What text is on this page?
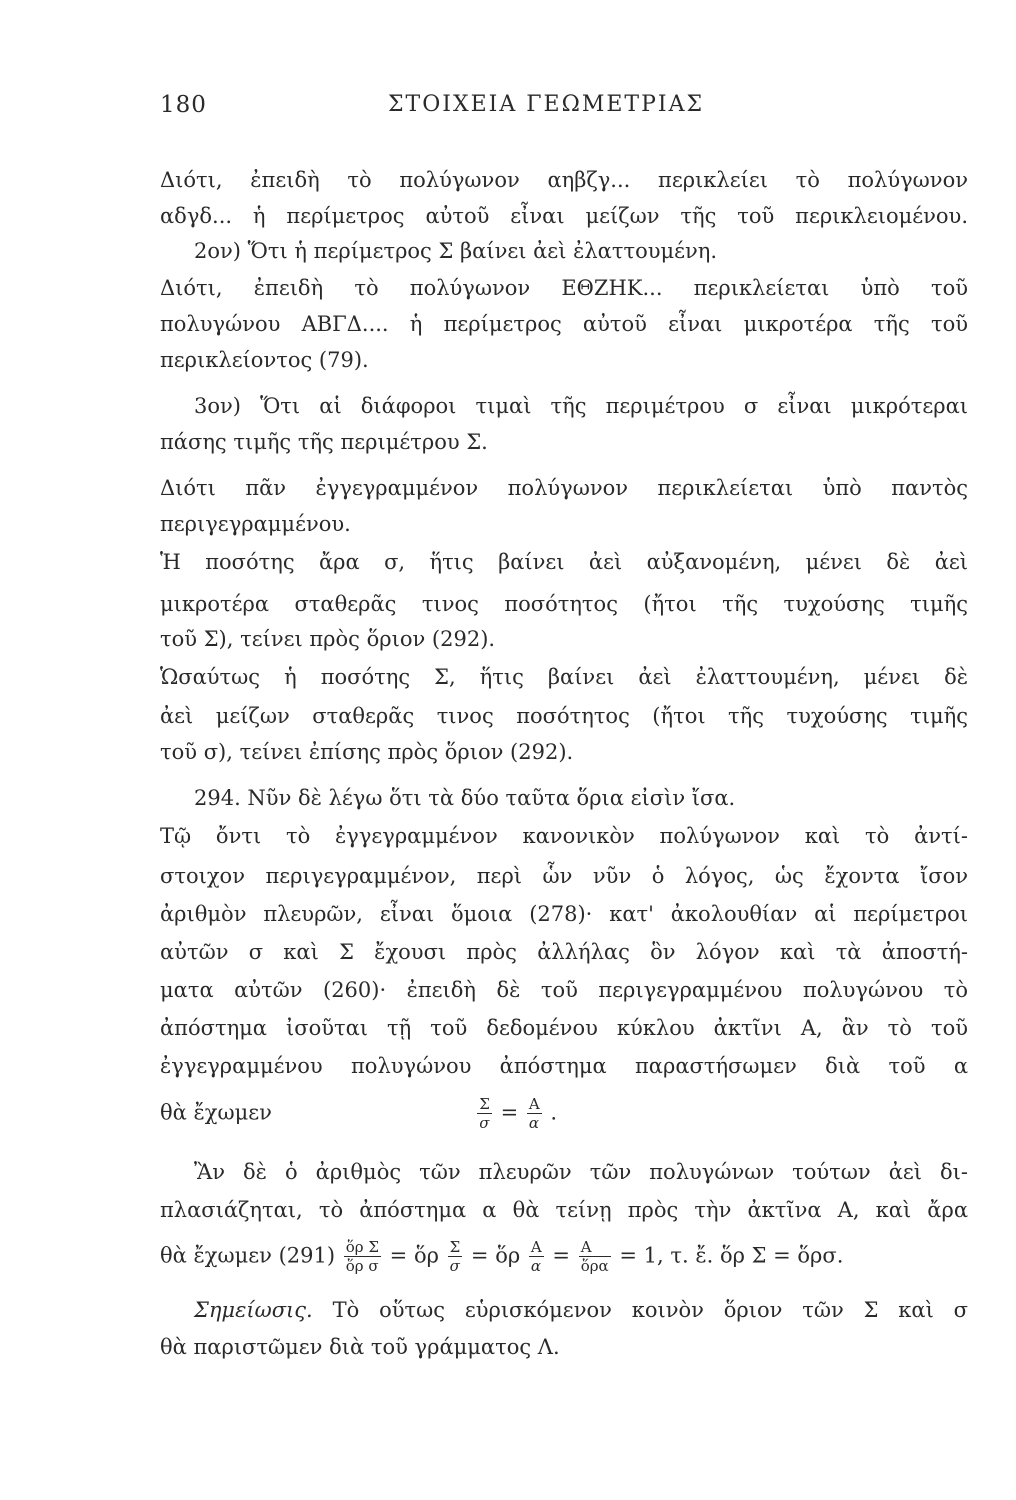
180	ΣΤΟΙΧΕΙΑ ΓΕΩΜΕΤΡΙΑΣ
Διότι, ἐπειδὴ τὸ πολύγωνον αηβζγ... περικλείει τὸ πολύγωνον
αδγδ... ἡ περίμετρος αὐτοῦ εἶναι μείζων τῆς τοῦ περικλειομένου.
2ον) Ὅτι ἡ περίμετρος Σ βαίνει ἀεὶ ἐλαττουμένη.
Διότι, ἐπειδὴ τὸ πολύγωνον ΕΘΖΗΚ... περικλείεται ὑπὸ τοῦ
πολυγώνου ΑΒΓΔ.... ἡ περίμετρος αὐτοῦ εἶναι μικροτέρα τῆς τοῦ
περικλείοντος (79).
3ον) Ὅτι αἱ διάφοροι τιμαὶ τῆς περιμέτρου σ εἶναι μικρότεραι
πάσης τιμῆς τῆς περιμέτρου Σ.
Διότι πᾶν ἐγγεγραμμένον πολύγωνον περικλείεται ὑπὸ παντὸς
περιγεγραμμένου.
Ἡ ποσότης ἄρα σ, ἥτις βαίνει ἀεὶ αὐξανομένη, μένει δὲ ἀεὶ
μικροτέρα σταθερᾶς τινος ποσότητος (ἤτοι τῆς τυχούσης τιμῆς
τοῦ Σ), τείνει πρὸς ὅριον (292).
Ὡσαύτως ἡ ποσότης Σ, ἥτις βαίνει ἀεὶ ἐλαττουμένη, μένει δὲ
ἀεὶ μείζων σταθερᾶς τινος ποσότητος (ἤτοι τῆς τυχούσης τιμῆς
τοῦ σ), τείνει ἐπίσης πρὸς ὅριον (292).
294. Νῦν δὲ λέγω ὅτι τὰ δύο ταῦτα ὅρια εἰσὶν ἴσα.
Τῷ ὄντι τὸ ἐγγεγραμμένον κανονικὸν πολύγωνον καὶ τὸ ἀντί-
στοιχον περιγεγραμμένον, περὶ ὧν νῦν ὁ λόγος, ὡς ἔχοντα ἴσον
ἀριθμὸν πλευρῶν, εἶναι ὅμοια (278)· κατ' ἀκολουθίαν αἱ περίμετροι
αὐτῶν σ καὶ Σ ἔχουσι πρὸς ἀλλήλας ὃν λόγον καὶ τὰ ἀποστή-
ματα αὐτῶν (260)· ἐπειδὴ δὲ τοῦ περιγεγραμμένου πολυγώνου τὸ
ἀπόστημα ἰσοῦται τῇ τοῦ δεδομένου κύκλου ἀκτῖνι Α, ἂν τὸ τοῦ
ἐγγεγραμμένου πολυγώνου ἀπόστημα παραστήσωμεν διὰ τοῦ α
θὰ ἔχωμεν	$\frac{\Sigma}{\sigma} = \frac{A}{\alpha}$ .
Ἂν δὲ ὁ ἀριθμὸς τῶν πλευρῶν τῶν πολυγώνων τούτων ἀεὶ δι-
πλασιάζηται, τὸ ἀπόστημα α θὰ τείνῃ πρὸς τὴν ἀκτῖνα Α, καὶ ἄρα
θὰ ἔχωμεν $(291) \frac{\text{ὅρ Σ}}{\text{ὅρ σ}}$ = ὅρ $\frac{\Sigma}{\sigma}$ = ὅρ $\frac{A}{\alpha} = \frac{A}{\text{ὅρα}} = 1$, τ. ἔ. ὅρ Σ = ὅρσ.
Σημείωσις. Τὸ οὕτως εὑρισκόμενον κοινὸν ὅριον τῶν Σ καὶ σ
θὰ παριστῶμεν διὰ τοῦ γράμματος Λ.
